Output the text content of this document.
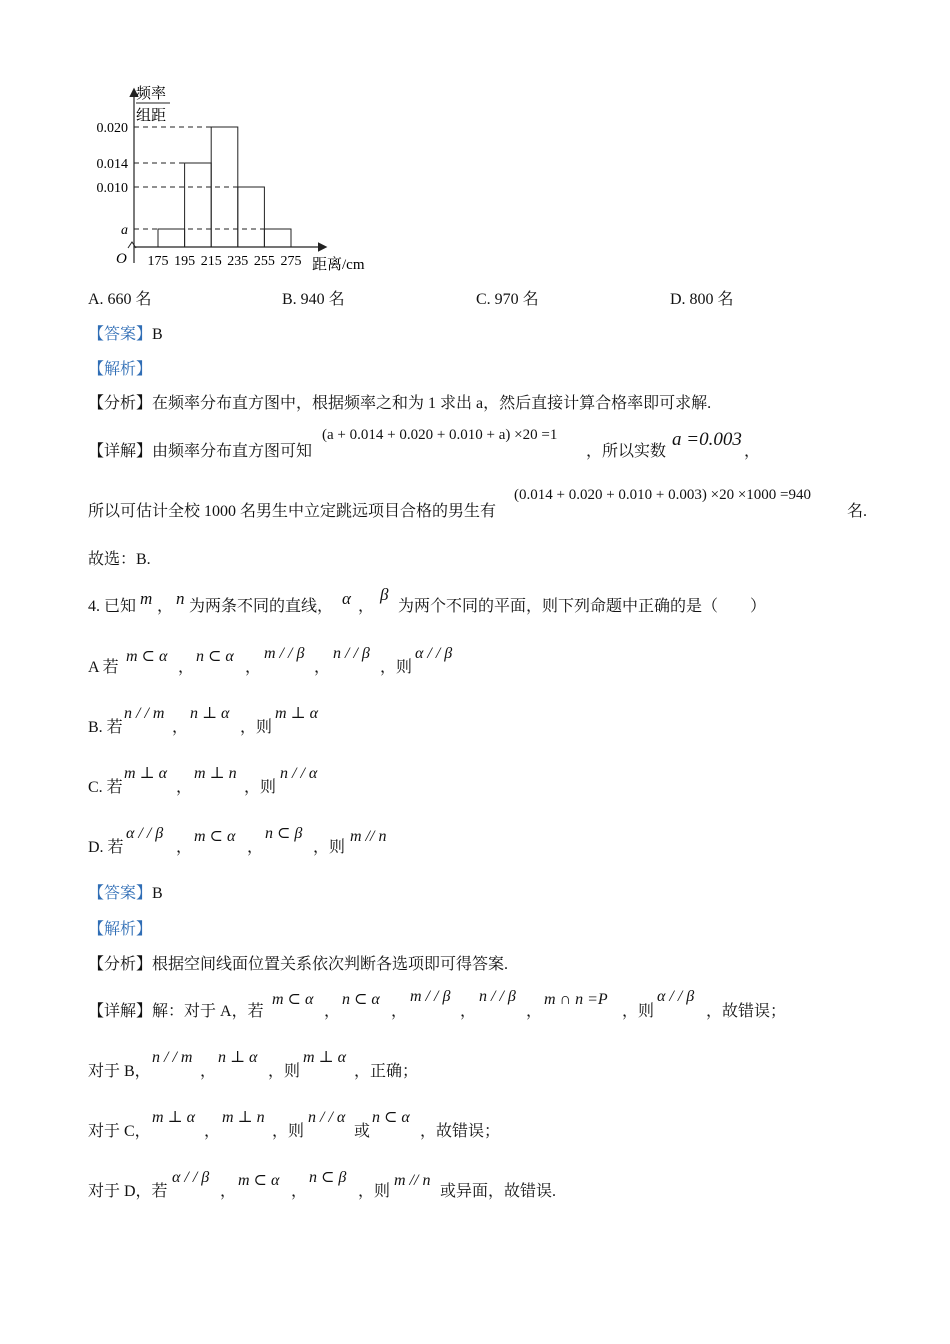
频率
组距
距离/cm
O 175 195 215 235 255 275
0.020
0.014
0.010
a
A. 660 名	B. 940 名	C. 970 名	D. 800 名
【答案】B
【解析】
【分析】在频率分布直方图中，根据频率之和为 1 求出 a，然后直接计算合格率即可求解.
【详解】由频率分布直方图可知
(a + 0.014 + 0.020 + 0.010 + a) ×20 =1
，所以实数
a =0.003
，
所以可估计全校 1000 名男生中立定跳远项目合格的男生有
(0.014 + 0.020 + 0.010 + 0.003) ×20 ×1000 =940
名.
故选：B.
4. 已知 m ， n 为两条不同的直线， α ，
β
为两个不同的平面，则下列命题中正确的是（　　）
A 若
m ⊂ α
，
n ⊂ α
，
m / / β
，
n / / β
，则
α / / β
B. 若
n / / m
，
n ⊥ α
，则
m ⊥ α
C. 若
m ⊥ α
，
m ⊥ n
，则
n / / α
D. 若
α / / β
，
m ⊂ α
，
n ⊂ β
，则
m // n
【答案】B
【解析】
【分析】根据空间线面位置关系依次判断各选项即可得答案.
【详解】解：对于 A，若
m ⊂ α
，
n ⊂ α
，
m / / β
，
n / / β
，
m ∩ n =P
，则
α / / β
，故错误；
对于 B，
n / / m
，
n ⊥ α
，则
m ⊥ α
，正确；
对于 C，
m ⊥ α
，
m ⊥ n
，则
n / / α
或
n ⊂ α
，故错误；
对于 D，若
α / / β
，
m ⊂ α
，
n ⊂ β
，则
m // n
或异面，故错误.
